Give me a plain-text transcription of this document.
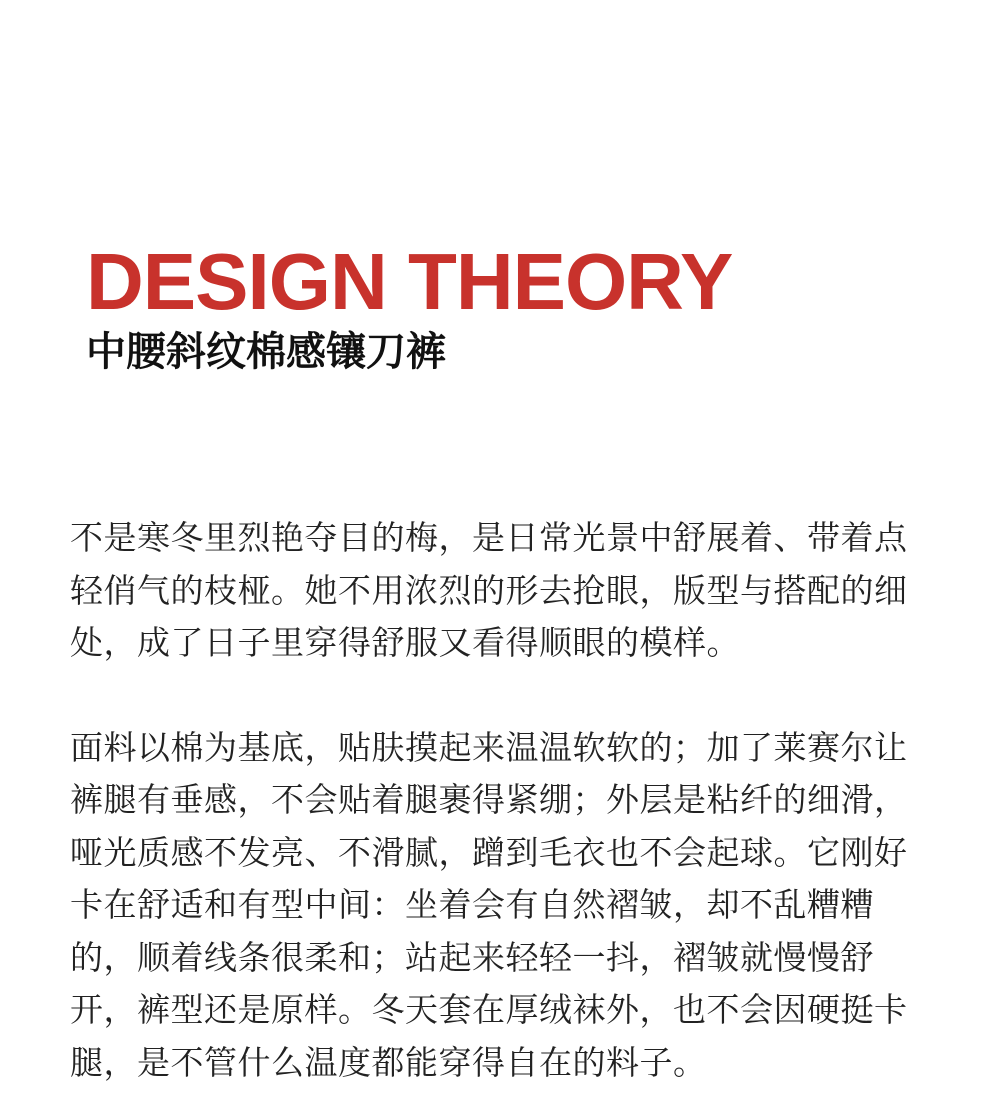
DESIGN THEORY
中腰斜纹棉感镶刀裤

不是寒冬里烈艳夺目的梅，是日常光景中舒展着、带着点轻俏气的枝桠。她不用浓烈的形去抢眼，版型与搭配的细处，成了日子里穿得舒服又看得顺眼的模样。

面料以棉为基底，贴肤摸起来温温软软的；加了莱赛尔让裤腿有垂感，不会贴着腿裹得紧绷；外层是粘纤的细滑，哑光质感不发亮、不滑腻，蹭到毛衣也不会起球。它刚好卡在舒适和有型中间：坐着会有自然褶皱，却不乱糟糟的，顺着线条很柔和；站起来轻轻一抖，褶皱就慢慢舒开，裤型还是原样。冬天套在厚绒袜外，也不会因硬挺卡腿，是不管什么温度都能穿得自在的料子。
